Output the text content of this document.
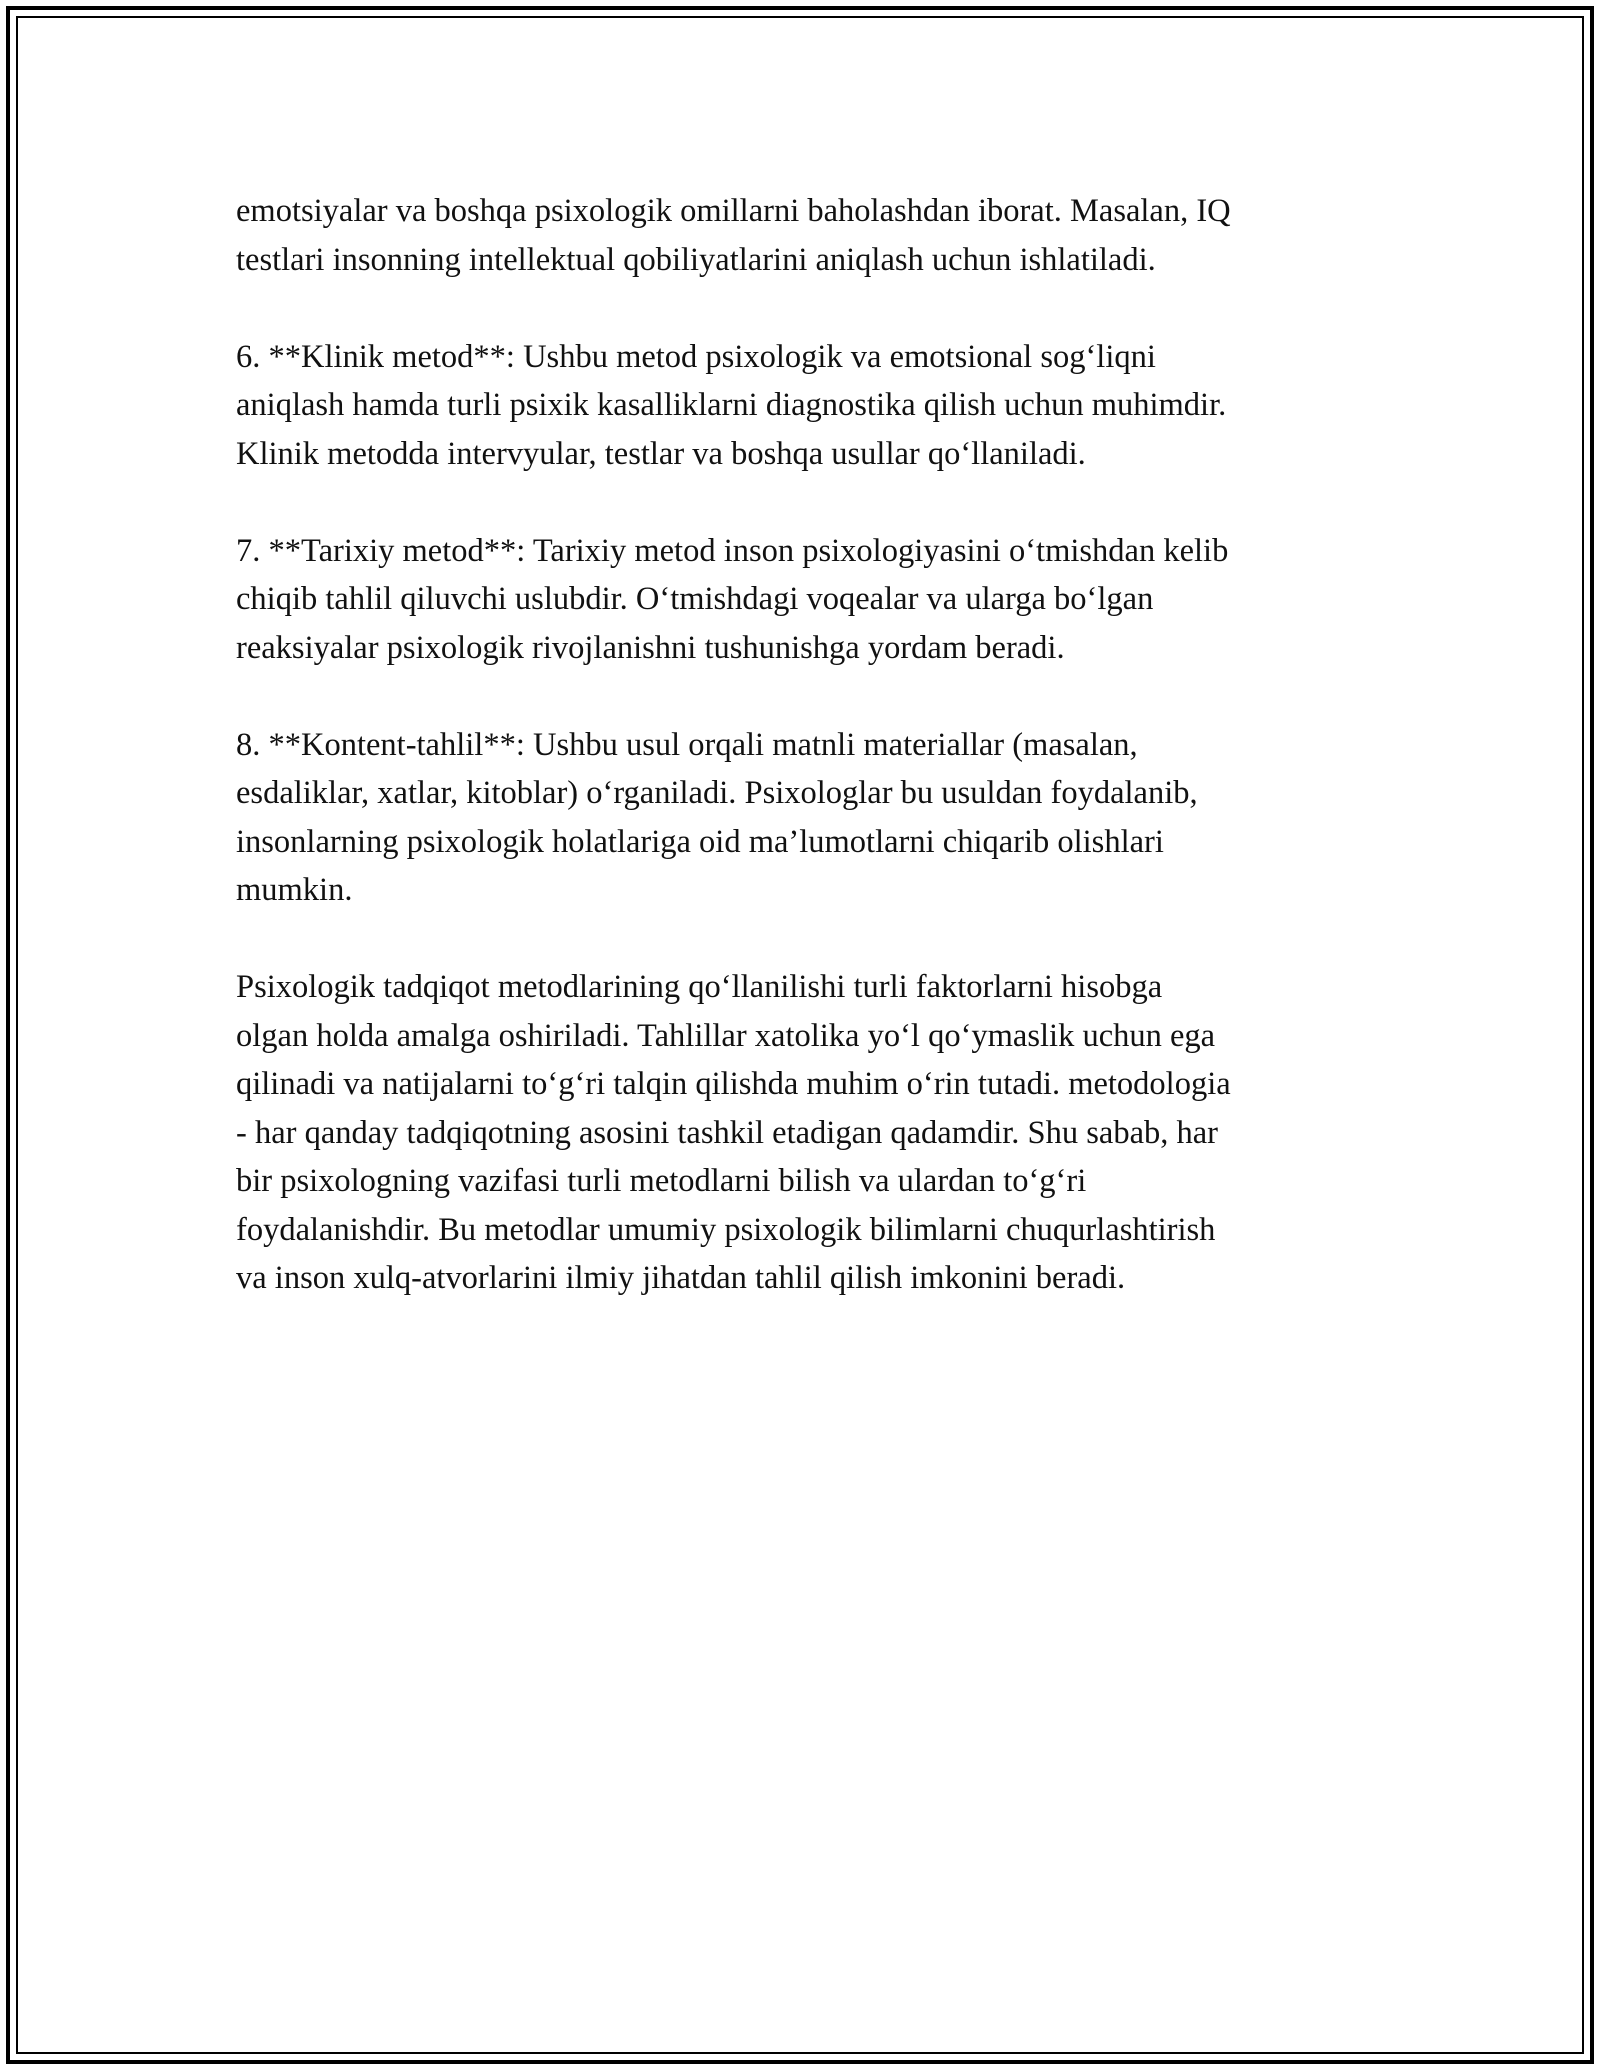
emotsiyalar va boshqa psixologik omillarni baholashdan iborat. Masalan, IQ
testlari insonning intellektual qobiliyatlarini aniqlash uchun ishlatiladi.

6. **Klinik metod**: Ushbu metod psixologik va emotsional sog‘liqni
aniqlash hamda turli psixik kasalliklarni diagnostika qilish uchun muhimdir.
Klinik metodda intervyular, testlar va boshqa usullar qo‘llaniladi.

7. **Tarixiy metod**: Tarixiy metod inson psixologiyasini o‘tmishdan kelib
chiqib tahlil qiluvchi uslubdir. O‘tmishdagi voqealar va ularga bo‘lgan
reaksiyalar psixologik rivojlanishni tushunishga yordam beradi.

8. **Kontent-tahlil**: Ushbu usul orqali matnli materiallar (masalan,
esdaliklar, xatlar, kitoblar) o‘rganiladi. Psixologlar bu usuldan foydalanib,
insonlarning psixologik holatlariga oid ma’lumotlarni chiqarib olishlari
mumkin.

Psixologik tadqiqot metodlarining qo‘llanilishi turli faktorlarni hisobga
olgan holda amalga oshiriladi. Tahlillar xatolika yo‘l qo‘ymaslik uchun ega
qilinadi va natijalarni to‘g‘ri talqin qilishda muhim o‘rin tutadi. metodologia
- har qanday tadqiqotning asosini tashkil etadigan qadamdir. Shu sabab, har
bir psixologning vazifasi turli metodlarni bilish va ulardan to‘g‘ri
foydalanishdir. Bu metodlar umumiy psixologik bilimlarni chuqurlashtirish
va inson xulq-atvorlarini ilmiy jihatdan tahlil qilish imkonini beradi.
